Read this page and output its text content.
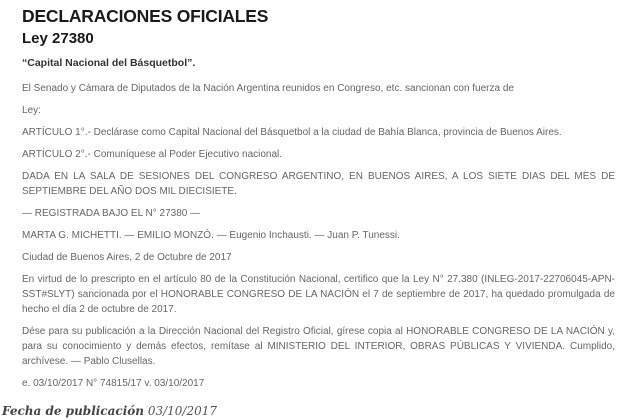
DECLARACIONES OFICIALES
Ley 27380

“Capital Nacional del Básquetbol”.

El Senado y Cámara de Diputados de la Nación Argentina reunidos en Congreso, etc. sancionan con fuerza de

Ley:

ARTÍCULO 1°.- Declárase como Capital Nacional del Básquetbol a la ciudad de Bahía Blanca, provincia de Buenos Aires.

ARTÍCULO 2°.- Comuníquese al Poder Ejecutivo nacional.

DADA EN LA SALA DE SESIONES DEL CONGRESO ARGENTINO, EN BUENOS AIRES, A LOS SIETE DIAS DEL MES DE SEPTIEMBRE DEL AÑO DOS MIL DIECISIETE.

— REGISTRADA BAJO EL N° 27380 —

MARTA G. MICHETTI. — EMILIO MONZÓ. — Eugenio Inchausti. — Juan P. Tunessi.

Ciudad de Buenos Aires, 2 de Octubre de 2017

En virtud de lo prescripto en el artículo 80 de la Constitución Nacional, certifico que la Ley N° 27.380 (INLEG-2017-22706045-APN-SST#SLYT) sancionada por el HONORABLE CONGRESO DE LA NACIÓN el 7 de septiembre de 2017, ha quedado promulgada de hecho el día 2 de octubre de 2017.

Dése para su publicación a la Dirección Nacional del Registro Oficial, gírese copia al HONORABLE CONGRESO DE LA NACIÓN y, para su conocimiento y demás efectos, remítase al MINISTERIO DEL INTERIOR, OBRAS PÚBLICAS Y VIVIENDA. Cumplido, archívese. — Pablo Clusellas.

e. 03/10/2017 N° 74815/17 v. 03/10/2017

Fecha de publicación 03/10/2017
